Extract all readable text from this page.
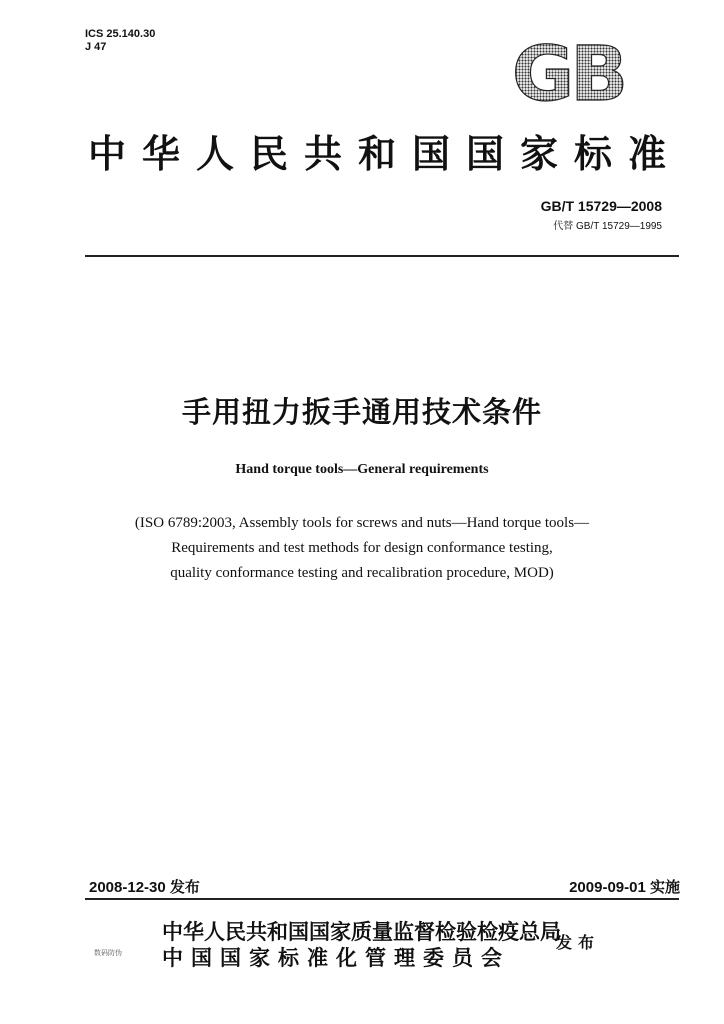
ICS 25.140.30
J 47	GB
中华人民共和国国家标准
GB/T 15729—2008
代替 GB/T 15729—1995
手用扭力扳手通用技术条件
Hand torque tools—General requirements
(ISO 6789:2003, Assembly tools for screws and nuts—Hand torque tools—
Requirements and test methods for design conformance testing,
quality conformance testing and recalibration procedure, MOD)
2008-12-30 发布	2009-09-01 实施
中华人民共和国国家质量监督检验检疫总局
中国国家标准化管理委员会
发布
数码防伪
